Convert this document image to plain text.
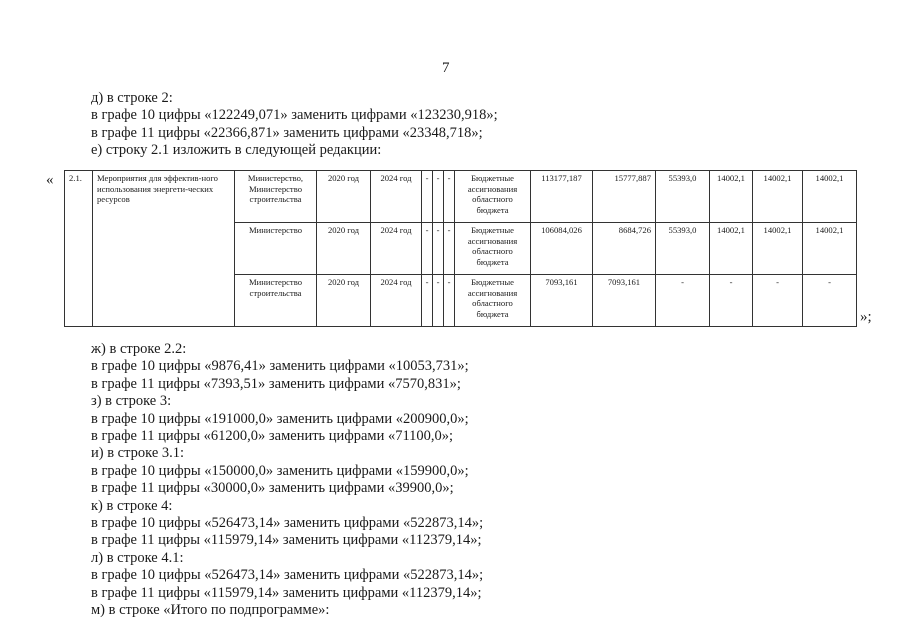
7
д) в строке 2:
в графе 10 цифры «122249,071» заменить цифрами «123230,918»;
в графе 11 цифры «22366,871» заменить цифрами «23348,718»;
е) строку 2.1 изложить в следующей редакции:
« 2.1.	Мероприятия для эффектив-ного использования энергети-ческих ресурсов	Министерство, Министерство строительства	2020 год	2024 год	-	-	-	Бюджетные ассигнования областного бюджета	113177,187	15777,887	55393,0	14002,1	14002,1	14002,1
		Министерство	2020 год	2024 год	-	-	-	Бюджетные ассигнования областного бюджета	106084,026	8684,726	55393,0	14002,1	14002,1	14002,1
		Министерство строительства	2020 год	2024 год	-	-	-	Бюджетные ассигнования областного бюджета	7093,161	7093,161	-	-	-	-
»;
ж) в строке 2.2:
в графе 10 цифры «9876,41» заменить цифрами «10053,731»;
в графе 11 цифры «7393,51» заменить цифрами «7570,831»;
з) в строке 3:
в графе 10 цифры «191000,0» заменить цифрами «200900,0»;
в графе 11 цифры «61200,0» заменить цифрами «71100,0»;
и) в строке 3.1:
в графе 10 цифры «150000,0» заменить цифрами «159900,0»;
в графе 11 цифры «30000,0» заменить цифрами «39900,0»;
к) в строке 4:
в графе 10 цифры «526473,14» заменить цифрами «522873,14»;
в графе 11 цифры «115979,14» заменить цифрами «112379,14»;
л) в строке 4.1:
в графе 10 цифры «526473,14» заменить цифрами «522873,14»;
в графе 11 цифры «115979,14» заменить цифрами «112379,14»;
м) в строке «Итого по подпрограмме»:
